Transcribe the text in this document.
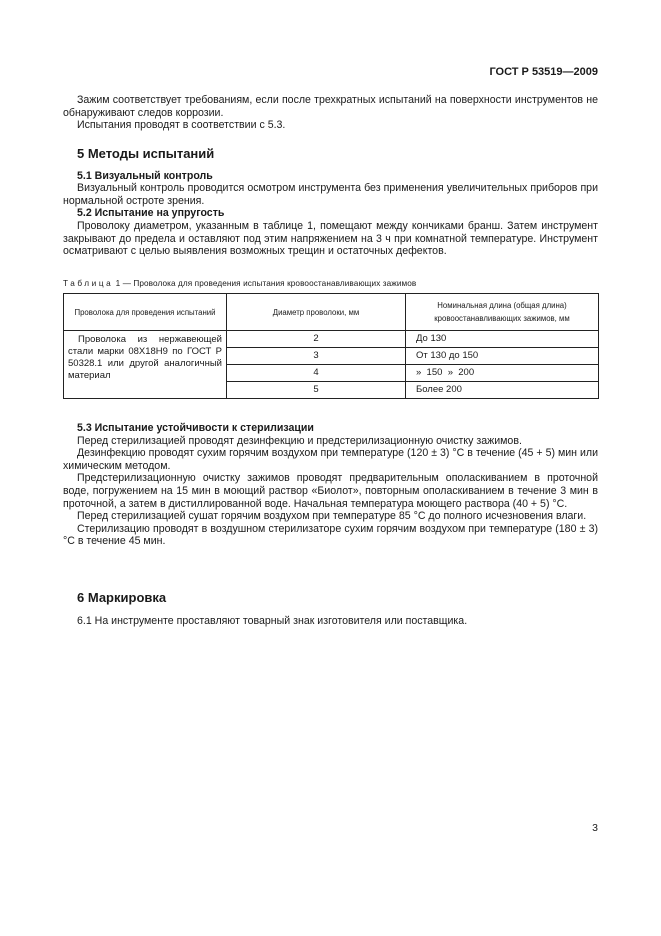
ГОСТ Р 53519—2009

Зажим соответствует требованиям, если после трехкратных испытаний на поверхности инструментов не обнаруживают следов коррозии.

Испытания проводят в соответствии с 5.3.

5 Методы испытаний
5.1 Визуальный контроль

Визуальный контроль проводится осмотром инструмента без применения увеличительных приборов при нормальной остроте зрения.

5.2 Испытание на упругость

Проволоку диаметром, указанным в таблице 1, помещают между кончиками бранш. Затем инструмент закрывают до предела и оставляют под этим напряжением на 3 ч при комнатной температуре. Инструмент осматривают с целью выявления возможных трещин и остаточных дефектов.

Таблица 1 — Проволока для проведения испытания кровоостанавливающих зажимов
Проволока для проведения испытаний	Диаметр проволоки, мм	Номинальная длина (общая длина) кровоостанавливающих зажимов, мм
Проволока из нержавеющей стали марки 08Х18Н9 по ГОСТ Р 50328.1 или другой аналогичный материал	2	До 130
	3	От 130 до 150
	4	»  150  »  200
	5	Более 200
5.3 Испытание устойчивости к стерилизации

Перед стерилизацией проводят дезинфекцию и предстерилизационную очистку зажимов.

Дезинфекцию проводят сухим горячим воздухом при температуре (120 ± 3) °С в течение (45 + 5) мин или химическим методом.

Предстерилизационную очистку зажимов проводят предварительным ополаскиванием в проточной воде, погружением на 15 мин в моющий раствор «Биолот», повторным ополаскиванием в течение 3 мин в проточной, а затем в дистиллированной воде. Начальная температура моющего раствора (40 + 5) °С.

Перед стерилизацией сушат горячим воздухом при температуре 85 °С до полного исчезновения влаги.

Стерилизацию проводят в воздушном стерилизаторе сухим горячим воздухом при температуре (180 ± 3) °С в течение 45 мин.

6 Маркировка

6.1 На инструменте проставляют товарный знак изготовителя или поставщика.

3
